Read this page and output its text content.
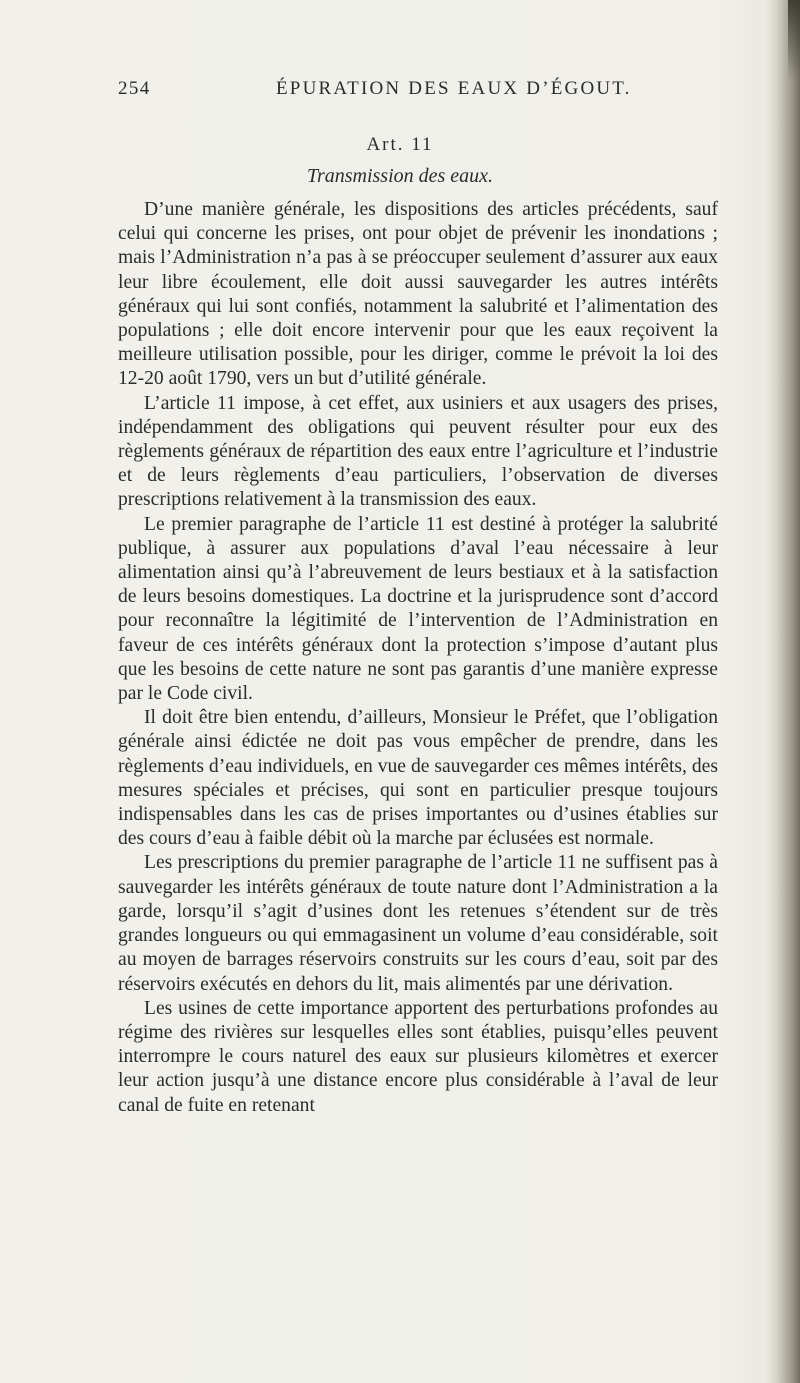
254	ÉPURATION DES EAUX D’ÉGOUT.
Art. 11
Transmission des eaux.

D’une manière générale, les dispositions des articles précédents, sauf celui qui concerne les prises, ont pour objet de prévenir les inondations ; mais l’Administration n’a pas à se préoccuper seulement d’assurer aux eaux leur libre écoulement, elle doit aussi sauvegarder les autres intérêts généraux qui lui sont confiés, notamment la salubrité et l’alimentation des populations ; elle doit encore intervenir pour que les eaux reçoivent la meilleure utilisation possible, pour les diriger, comme le prévoit la loi des 12-20 août 1790, vers un but d’utilité générale.

L’article 11 impose, à cet effet, aux usiniers et aux usagers des prises, indépendamment des obligations qui peuvent résulter pour eux des règlements généraux de répartition des eaux entre l’agriculture et l’industrie et de leurs règlements d’eau particuliers, l’observation de diverses prescriptions relativement à la transmission des eaux.

Le premier paragraphe de l’article 11 est destiné à protéger la salubrité publique, à assurer aux populations d’aval l’eau nécessaire à leur alimentation ainsi qu’à l’abreuvement de leurs bestiaux et à la satisfaction de leurs besoins domestiques. La doctrine et la jurisprudence sont d’accord pour reconnaître la légitimité de l’intervention de l’Administration en faveur de ces intérêts généraux dont la protection s’impose d’autant plus que les besoins de cette nature ne sont pas garantis d’une manière expresse par le Code civil.

Il doit être bien entendu, d’ailleurs, Monsieur le Préfet, que l’obligation générale ainsi édictée ne doit pas vous empêcher de prendre, dans les règlements d’eau individuels, en vue de sauvegarder ces mêmes intérêts, des mesures spéciales et précises, qui sont en particulier presque toujours indispensables dans les cas de prises importantes ou d’usines établies sur des cours d’eau à faible débit où la marche par éclusées est normale.

Les prescriptions du premier paragraphe de l’article 11 ne suffisent pas à sauvegarder les intérêts généraux de toute nature dont l’Administration a la garde, lorsqu’il s’agit d’usines dont les retenues s’étendent sur de très grandes longueurs ou qui emmagasinent un volume d’eau considérable, soit au moyen de barrages réservoirs construits sur les cours d’eau, soit par des réservoirs exécutés en dehors du lit, mais alimentés par une dérivation.

Les usines de cette importance apportent des perturbations profondes au régime des rivières sur lesquelles elles sont établies, puisqu’elles peuvent interrompre le cours naturel des eaux sur plusieurs kilomètres et exercer leur action jusqu’à une distance encore plus considérable à l’aval de leur canal de fuite en retenant
